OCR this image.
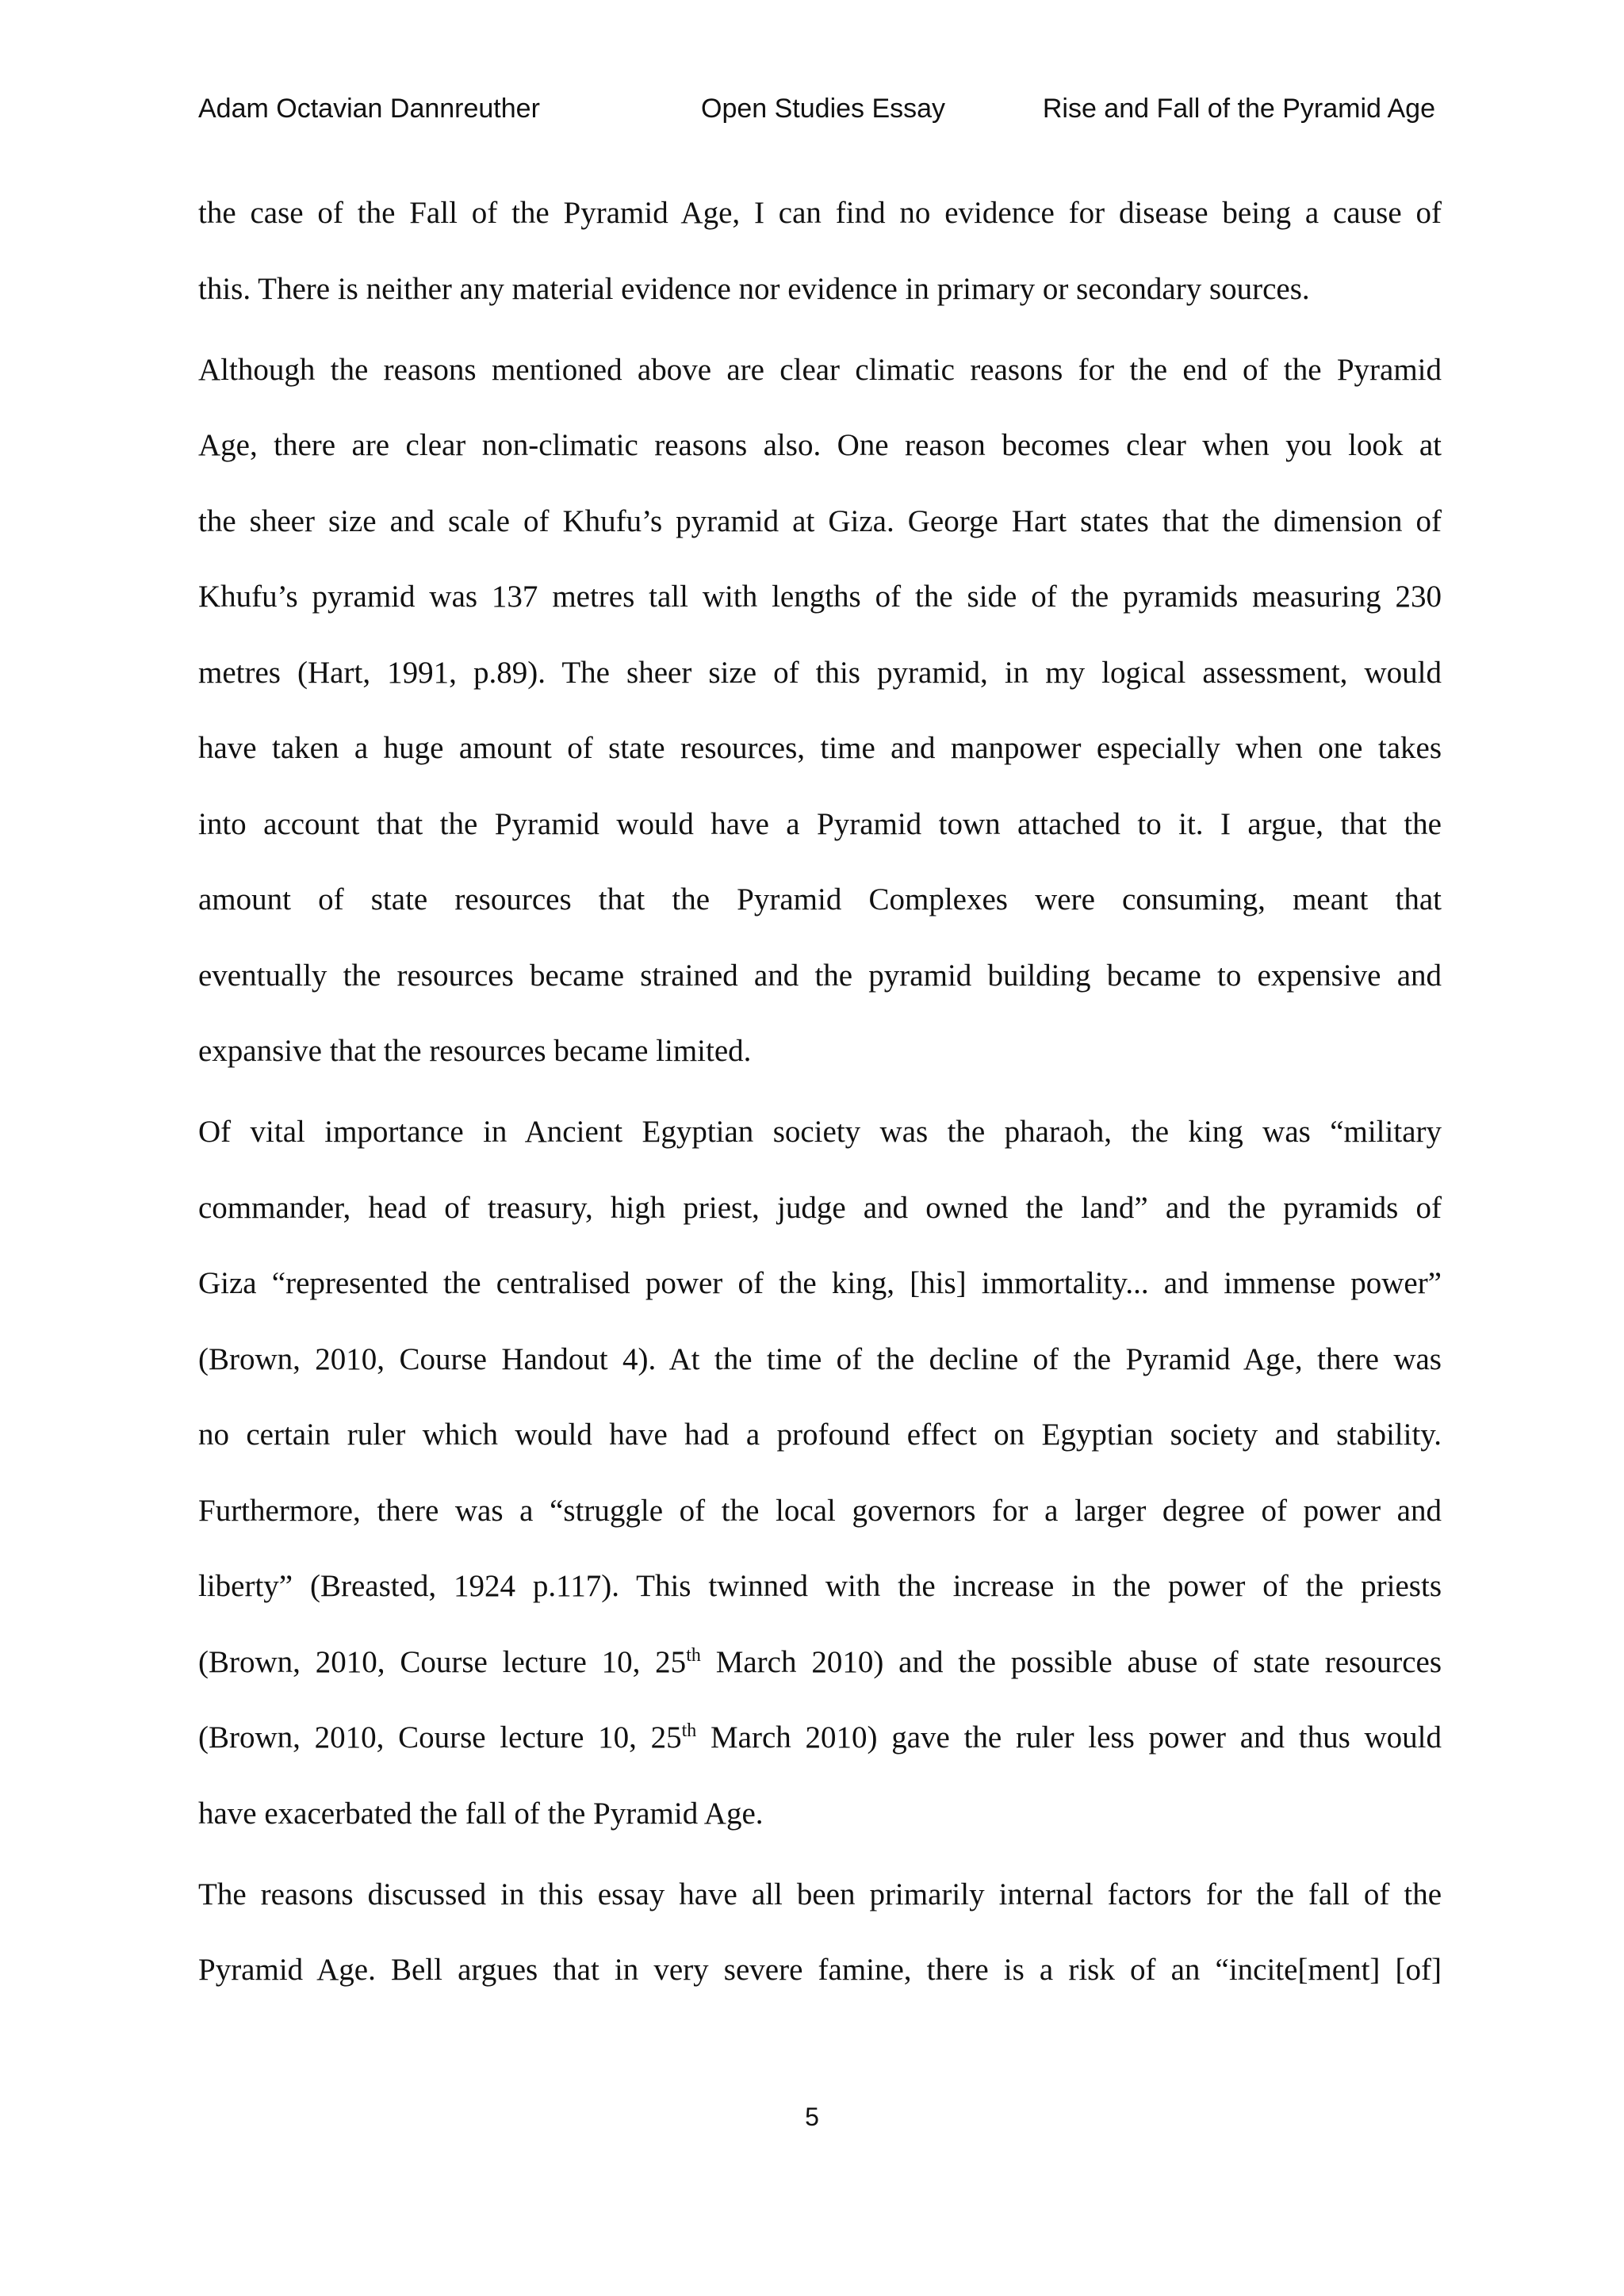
Adam Octavian Dannreuther	Open Studies Essay	Rise and Fall of the Pyramid Age
the case of the Fall of the Pyramid Age, I can find no evidence for disease being a cause of
this. There is neither any material evidence nor evidence in primary or secondary sources.
Although the reasons mentioned above are clear climatic reasons for the end of the Pyramid
Age, there are clear non-climatic reasons also. One reason becomes clear when you look at
the sheer size and scale of Khufu’s pyramid at Giza. George Hart states that the dimension of
Khufu’s pyramid was 137 metres tall with lengths of the side of the pyramids measuring 230
metres (Hart, 1991, p.89). The sheer size of this pyramid, in my logical assessment, would
have taken a huge amount of state resources, time and manpower especially when one takes
into account that the Pyramid would have a Pyramid town attached to it. I argue, that the
amount of state resources that the Pyramid Complexes were consuming, meant that
eventually the resources became strained and the pyramid building became to expensive and
expansive that the resources became limited.
Of vital importance in Ancient Egyptian society was the pharaoh, the king was “military
commander, head of treasury, high priest, judge and owned the land” and the pyramids of
Giza “represented the centralised power of the king, [his] immortality... and immense power”
(Brown, 2010, Course Handout 4). At the time of the decline of the Pyramid Age, there was
no certain ruler which would have had a profound effect on Egyptian society and stability.
Furthermore, there was a “struggle of the local governors for a larger degree of power and
liberty” (Breasted, 1924 p.117). This twinned with the increase in the power of the priests
(Brown, 2010, Course lecture 10, 25th March 2010) and the possible abuse of state resources
(Brown, 2010, Course lecture 10, 25th March 2010) gave the ruler less power and thus would
have exacerbated the fall of the Pyramid Age.
The reasons discussed in this essay have all been primarily internal factors for the fall of the
Pyramid Age. Bell argues that in very severe famine, there is a risk of an “incite[ment] [of]
5
